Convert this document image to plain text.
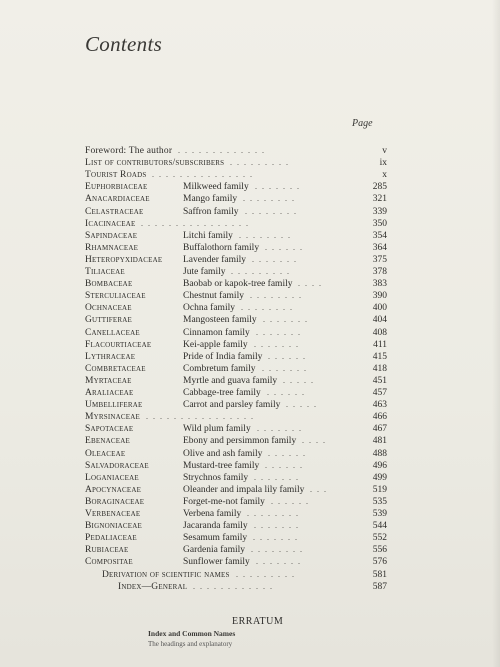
Contents
Page
Foreword: The author .............	v
List of contributors/subscribers .........	ix
Tourist Roads ...............	x
Euphorbiaceae	Milkweed family .......	285
Anacardiaceae	Mango family ........	321
Celastraceae	Saffron family ........	339
Icacinaceae ................	350
Sapindaceae	Litchi family ........	354
Rhamnaceae	Buffalothorn family ......	364
Heteropyxidaceae Lavender family .......	375
Tiliaceae	Jute family .........	378
Bombaceae	Baobab or kapok-tree family ....	383
Sterculiaceae	Chestnut family ........	390
Ochnaceae	Ochna family ........	400
Guttiferae	Mangosteen family .......	404
Canellaceae	Cinnamon family .......	408
Flacourtiaceae	Kei-apple family .......	411
Lythraceae	Pride of India family ......	415
Combretaceae	Combretum family .......	418
Myrtaceae	Myrtle and guava family .....	451
Araliaceae	Cabbage-tree family ......	457
Umbelliferae	Carrot and parsley family .....	463
Myrsinaceae ................	466
Sapotaceae	Wild plum family .......	467
Ebenaceae	Ebony and persimmon family ....	481
Oleaceae	Olive and ash family ......	488
Salvadoraceae	Mustard-tree family ......	496
Loganiaceae	Strychnos family .......	499
Apocynaceae	Oleander and impala lily family ...	519
Boraginaceae	Forget-me-not family ......	535
Verbenaceae	Verbena family ........	539
Bignoniaceae	Jacaranda family .......	544
Pedaliaceae	Sesamum family .......	552
Rubiaceae	Gardenia family ........	556
Compositae	Sunflower family .......	576
Derivation of scientific names .........	581
Index—General ............	587
ERRATUM
Index and Common Names
The headings and explanatory
